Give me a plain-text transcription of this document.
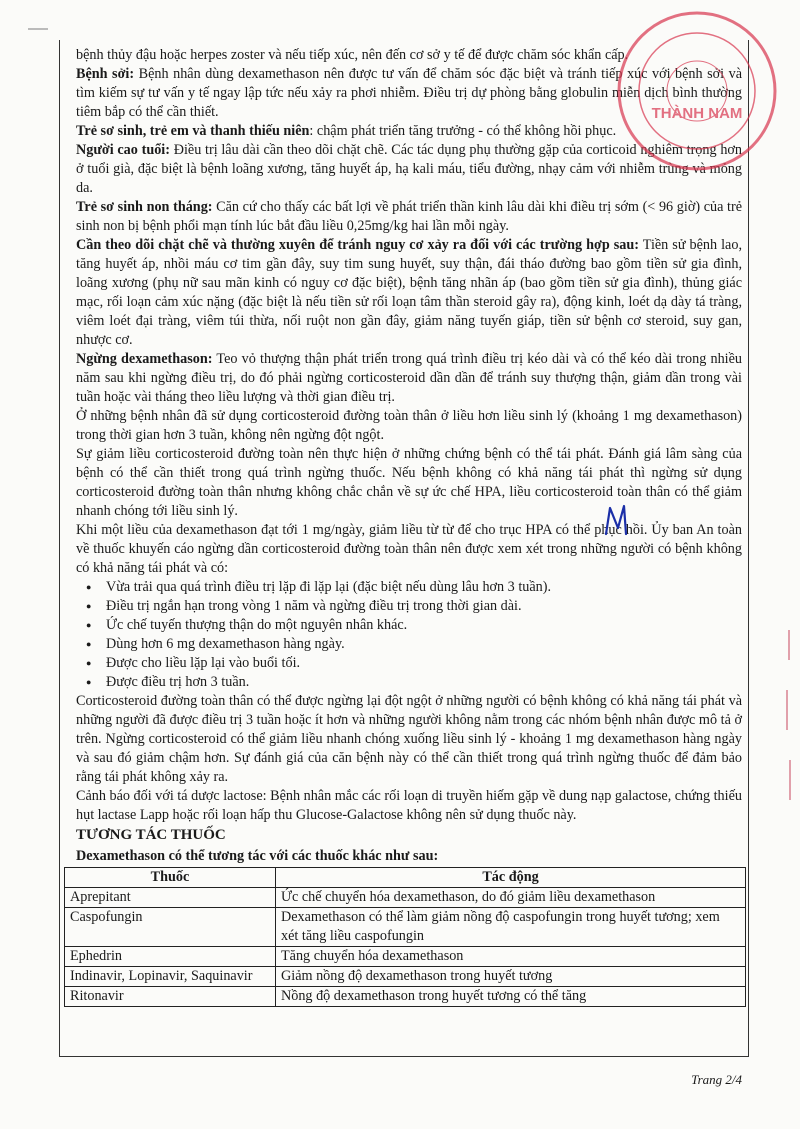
bệnh thủy đậu hoặc herpes zoster và nếu tiếp xúc, nên đến cơ sở y tế để được chăm sóc khẩn cấp.

Bệnh sởi: Bệnh nhân dùng dexamethason nên được tư vấn để chăm sóc đặc biệt và tránh tiếp xúc với bệnh sởi và tìm kiếm sự tư vấn y tế ngay lập tức nếu xảy ra phơi nhiễm. Điều trị dự phòng bằng globulin miễn dịch bình thường tiêm bắp có thể cần thiết.

Trẻ sơ sinh, trẻ em và thanh thiếu niên: chậm phát triển tăng trưởng - có thể không hồi phục.

Người cao tuổi: Điều trị lâu dài cần theo dõi chặt chẽ. Các tác dụng phụ thường gặp của corticoid nghiêm trọng hơn ở tuổi già, đặc biệt là bệnh loãng xương, tăng huyết áp, hạ kali máu, tiểu đường, nhạy cảm với nhiễm trùng và mỏng da.

Trẻ sơ sinh non tháng: Căn cứ cho thấy các bất lợi về phát triển thần kinh lâu dài khi điều trị sớm (< 96 giờ) của trẻ sinh non bị bệnh phổi mạn tính lúc bắt đầu liều 0,25mg/kg hai lần mỗi ngày.

Cần theo dõi chặt chẽ và thường xuyên để tránh nguy cơ xảy ra đối với các trường hợp sau: Tiền sử bệnh lao, tăng huyết áp, nhồi máu cơ tim gần đây, suy tim sung huyết, suy thận, đái tháo đường bao gồm tiền sử gia đình, loãng xương (phụ nữ sau mãn kinh có nguy cơ đặc biệt), bệnh tăng nhãn áp (bao gồm tiền sử gia đình), thủng giác mạc, rối loạn cảm xúc nặng (đặc biệt là nếu tiền sử rối loạn tâm thần steroid gây ra), động kinh, loét dạ dày tá tràng, viêm loét đại tràng, viêm túi thừa, nối ruột non gần đây, giảm năng tuyến giáp, tiền sử bệnh cơ steroid, suy gan, nhược cơ.

Ngừng dexamethason: Teo vỏ thượng thận phát triển trong quá trình điều trị kéo dài và có thể kéo dài trong nhiều năm sau khi ngừng điều trị, do đó phải ngừng corticosteroid dần dần để tránh suy thượng thận, giảm dần trong vài tuần hoặc vài tháng theo liều lượng và thời gian điều trị.

Ở những bệnh nhân đã sử dụng corticosteroid đường toàn thân ở liều hơn liều sinh lý (khoảng 1 mg dexamethason) trong thời gian hơn 3 tuần, không nên ngừng đột ngột.

Sự giảm liều corticosteroid đường toàn nên thực hiện ở những chứng bệnh có thể tái phát. Đánh giá lâm sàng của bệnh có thể cần thiết trong quá trình ngừng thuốc. Nếu bệnh không có khả năng tái phát thì ngừng sử dụng corticosteroid đường toàn thân nhưng không chắc chắn về sự ức chế HPA, liều corticosteroid toàn thân có thể giảm nhanh chóng tới liều sinh lý.

Khi một liều của dexamethason đạt tới 1 mg/ngày, giảm liều từ từ để cho trục HPA có thể phục hồi. Ủy ban An toàn về thuốc khuyến cáo ngừng dần corticosteroid đường toàn thân nên được xem xét trong những người có bệnh không có khả năng tái phát và có:

● Vừa trải qua quá trình điều trị lặp đi lặp lại (đặc biệt nếu dùng lâu hơn 3 tuần).
● Điều trị ngắn hạn trong vòng 1 năm và ngừng điều trị trong thời gian dài.
● Ức chế tuyến thượng thận do một nguyên nhân khác.
● Dùng hơn 6 mg dexamethason hàng ngày.
● Được cho liều lặp lại vào buổi tối.
● Được điều trị hơn 3 tuần.

Corticosteroid đường toàn thân có thể được ngừng lại đột ngột ở những người có bệnh không có khả năng tái phát và những người đã được điều trị 3 tuần hoặc ít hơn và những người không nằm trong các nhóm bệnh nhân được mô tả ở trên. Ngừng corticosteroid có thể giảm liều nhanh chóng xuống liều sinh lý - khoảng 1 mg dexamethason hàng ngày và sau đó giảm chậm hơn. Sự đánh giá của căn bệnh này có thể cần thiết trong quá trình ngừng thuốc để đảm bảo rằng tái phát không xảy ra.

Cảnh báo đối với tá dược lactose: Bệnh nhân mắc các rối loạn di truyền hiếm gặp về dung nạp galactose, chứng thiếu hụt lactase Lapp hoặc rối loạn hấp thu Glucose-Galactose không nên sử dụng thuốc này.

TƯƠNG TÁC THUỐC
Dexamethason có thể tương tác với các thuốc khác như sau:
Thuốc	Tác động
Aprepitant	Ức chế chuyển hóa dexamethason, do đó giảm liều dexamethason
Caspofungin	Dexamethason có thể làm giảm nồng độ caspofungin trong huyết tương; xem xét tăng liều caspofungin
Ephedrin	Tăng chuyển hóa dexamethason
Indinavir, Lopinavir, Saquinavir	Giảm nồng độ dexamethason trong huyết tương
Ritonavir	Nồng độ dexamethason trong huyết tương có thể tăng
THÀNH NAM
Trang 2/4
